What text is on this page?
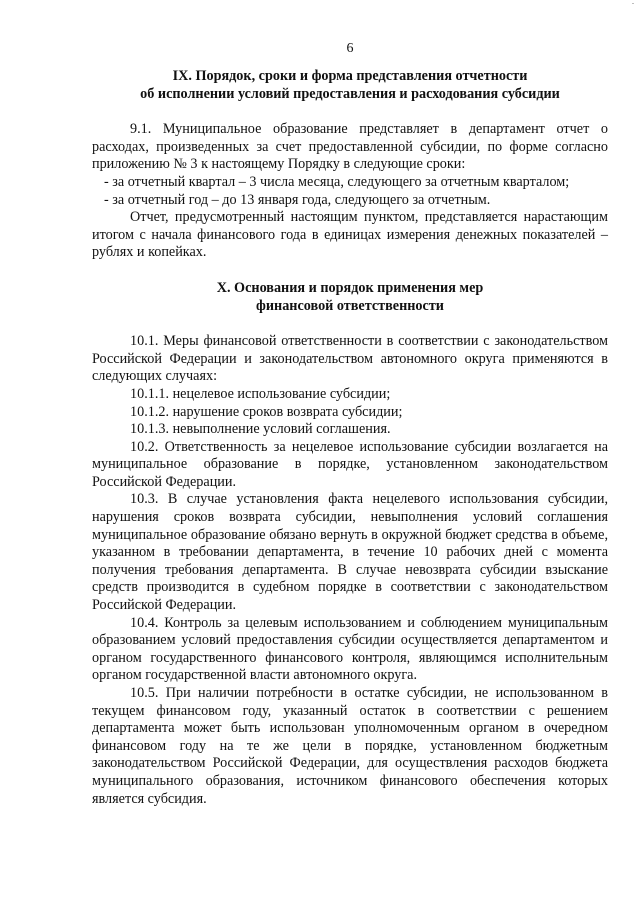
-
6
IX. Порядок, сроки и форма представления отчетности
об исполнении условий предоставления и расходования субсидии

9.1. Муниципальное образование представляет в департамент отчет о расходах, произведенных за счет предоставленной субсидии, по форме согласно приложению № 3 к настоящему Порядку в следующие сроки:

- за отчетный квартал – 3 числа месяца, следующего за отчетным кварталом;

- за отчетный год – до 13 января года, следующего за отчетным.

Отчет, предусмотренный настоящим пунктом, представляется нарастающим итогом с начала финансового года в единицах измерения денежных показателей – рублях и копейках.

X. Основания и порядок применения мер
финансовой ответственности

10.1. Меры финансовой ответственности в соответствии с законодательством Российской Федерации и законодательством автономного округа применяются в следующих случаях:

10.1.1. нецелевое использование субсидии;

10.1.2. нарушение сроков возврата субсидии;

10.1.3. невыполнение условий соглашения.

10.2. Ответственность за нецелевое использование субсидии возлагается на муниципальное образование в порядке, установленном законодательством Российской Федерации.

10.3. В случае установления факта нецелевого использования субсидии, нарушения сроков возврата субсидии, невыполнения условий соглашения муниципальное образование обязано вернуть в окружной бюджет средства в объеме, указанном в требовании департамента, в течение 10 рабочих дней с момента получения требования департамента. В случае невозврата субсидии взыскание средств производится в судебном порядке в соответствии с законодательством Российской Федерации.

10.4. Контроль за целевым использованием и соблюдением муниципальным образованием условий предоставления субсидии осуществляется департаментом и органом государственного финансового контроля, являющимся исполнительным органом государственной власти автономного округа.

10.5. При наличии потребности в остатке субсидии, не использованном в текущем финансовом году, указанный остаток в соответствии с решением департамента может быть использован уполномоченным органом в очередном финансовом году на те же цели в порядке, установленном бюджетным законодательством Российской Федерации, для осуществления расходов бюджета муниципального образования, источником финансового обеспечения которых является субсидия.
